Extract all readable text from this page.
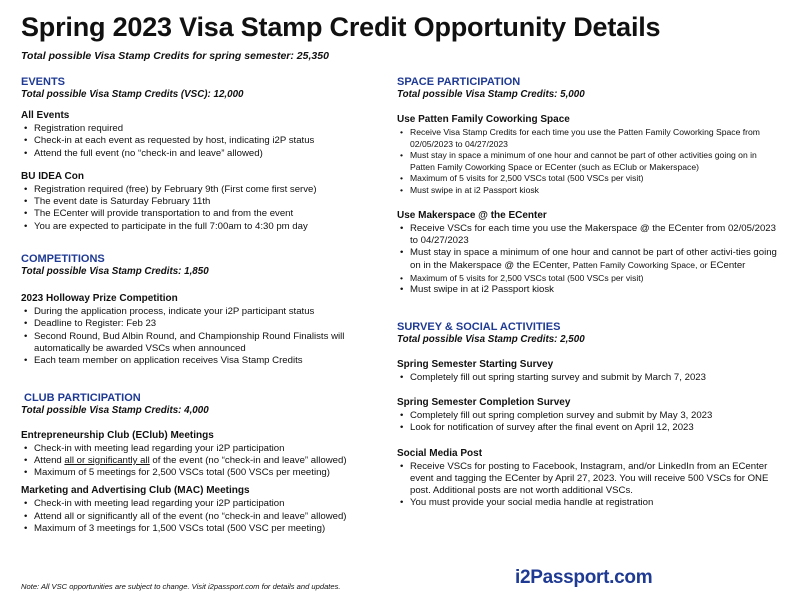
Spring 2023 Visa Stamp Credit Opportunity Details
Total possible Visa Stamp Credits for spring semester: 25,350
EVENTS

Total possible Visa Stamp Credits (VSC): 12,000

All Events

• Registration required
• Check-in at each event as requested by host, indicating i2P status
• Attend the full event (no “check-in and leave” allowed)

BU IDEA Con

• Registration required (free) by February 9th (First come first serve)
• The event date is Saturday February 11th
• The ECenter will provide transportation to and from the event
• You are expected to participate in the full 7:00am to 4:30 pm day
COMPETITIONS

Total possible Visa Stamp Credits: 1,850

2023 Holloway Prize Competition

• During the application process, indicate your i2P participant status
• Deadline to Register: Feb 23
• Second Round, Bud Albin Round, and Championship Round Finalists will automatically be awarded VSCs when announced
• Each team member on application receives Visa Stamp Credits
CLUB PARTICIPATION

Total possible Visa Stamp Credits: 4,000

Entrepreneurship Club (EClub) Meetings

• Check-in with meeting lead regarding your i2P participation
• Attend all or significantly all of the event (no “check-in and leave” allowed)
• Maximum of 5 meetings for 2,500 VSCs total (500 VSCs per meeting)

Marketing and Advertising Club (MAC) Meetings

• Check-in with meeting lead regarding your i2P participation
• Attend all or significantly all of the event (no “check-in and leave” allowed)
• Maximum of 3 meetings for 1,500 VSCs total (500 VSC per meeting)
SPACE PARTICIPATION

Total possible Visa Stamp Credits: 5,000

Use Patten Family Coworking Space

• Receive Visa Stamp Credits for each time you use the Patten Family Coworking Space from 02/05/2023 to 04/27/2023
• Must stay in space a minimum of one hour and cannot be part of other activities going on in Patten Family Coworking Space or ECenter (such as EClub or Makerspace)
• Maximum of 5 visits for 2,500 VSCs total (500 VSCs per visit)
• Must swipe in at i2 Passport kiosk

Use Makerspace @ the ECenter

• Receive VSCs for each time you use the Makerspace @ the ECenter from 02/05/2023 to 04/27/2023
• Must stay in space a minimum of one hour and cannot be part of other activi-ties going on in the Makerspace @ the ECenter, Patten Family Coworking Space, or ECenter
• Maximum of 5 visits for 2,500 VSCs total (500 VSCs per visit)
• Must swipe in at i2 Passport kiosk
SURVEY & SOCIAL ACTIVITIES

Total possible Visa Stamp Credits: 2,500

Spring Semester Starting Survey

• Completely fill out spring starting survey and submit by March 7, 2023

Spring Semester Completion Survey

• Completely fill out spring completion survey and submit by May 3, 2023
• Look for notification of survey after the final event on April 12, 2023

Social Media Post

• Receive VSCs for posting to Facebook, Instagram, and/or LinkedIn from an ECenter event and tagging the ECenter by April 27, 2023. You will receive 500 VSCs for ONE post. Additional posts are not worth additional VSCs.
• You must provide your social media handle at registration
Note: All VSC opportunities are subject to change. Visit i2passport.com for details and updates.	i2Passport.com
